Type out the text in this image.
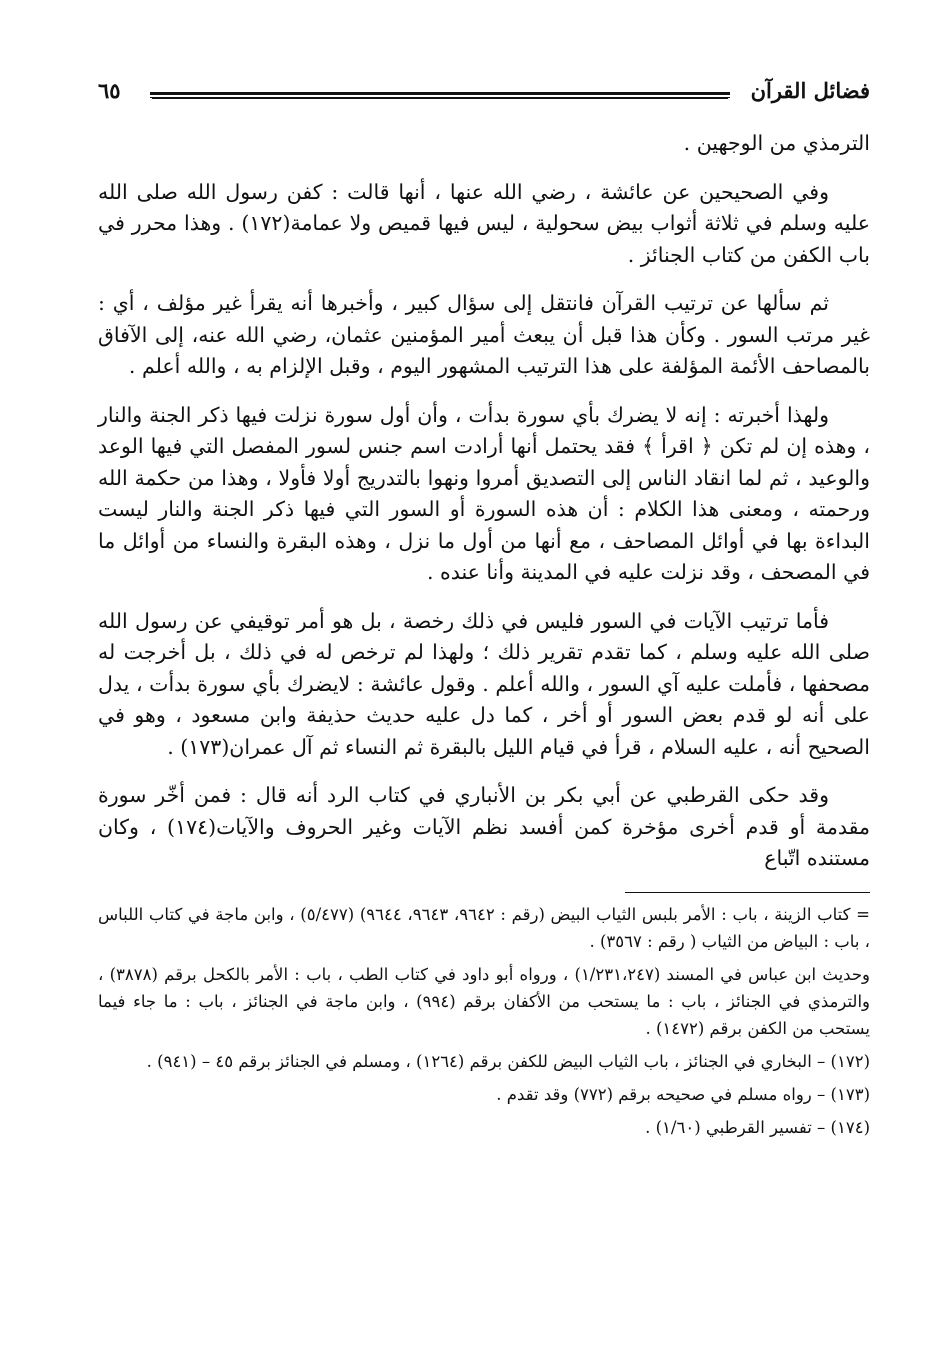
فضائل القرآن
٦٥

الترمذي من الوجهين .

وفي الصحيحين عن عائشة ، رضي الله عنها ، أنها قالت : كفن رسول الله صلى الله عليه وسلم في ثلاثة أثواب بيض سحولية ، ليس فيها قميص ولا عمامة(١٧٢) . وهذا محرر في باب الكفن من كتاب الجنائز .

ثم سألها عن ترتيب القرآن فانتقل إلى سؤال كبير ، وأخبرها أنه يقرأ غير مؤلف ، أي : غير مرتب السور . وكأن هذا قبل أن يبعث أمير المؤمنين عثمان، رضي الله عنه، إلى الآفاق بالمصاحف الأئمة المؤلفة على هذا الترتيب المشهور اليوم ، وقبل الإلزام به ، والله أعلم .

ولهذا أخبرته : إنه لا يضرك بأي سورة بدأت ، وأن أول سورة نزلت فيها ذكر الجنة والنار ، وهذه إن لم تكن ﴿ اقرأ ﴾ فقد يحتمل أنها أرادت اسم جنس لسور المفصل التي فيها الوعد والوعيد ، ثم لما انقاد الناس إلى التصديق أمروا ونهوا بالتدريج أولا فأولا ، وهذا من حكمة الله ورحمته ، ومعنى هذا الكلام : أن هذه السورة أو السور التي فيها ذكر الجنة والنار ليست البداءة بها في أوائل المصاحف ، مع أنها من أول ما نزل ، وهذه البقرة والنساء من أوائل ما في المصحف ، وقد نزلت عليه في المدينة وأنا عنده .

فأما ترتيب الآيات في السور فليس في ذلك رخصة ، بل هو أمر توقيفي عن رسول الله صلى الله عليه وسلم ، كما تقدم تقرير ذلك ؛ ولهذا لم ترخص له في ذلك ، بل أخرجت له مصحفها ، فأملت عليه آي السور ، والله أعلم . وقول عائشة : لايضرك بأي سورة بدأت ، يدل على أنه لو قدم بعض السور أو أخر ، كما دل عليه حديث حذيفة وابن مسعود ، وهو في الصحيح أنه ، عليه السلام ، قرأ في قيام الليل بالبقرة ثم النساء ثم آل عمران(١٧٣) .

وقد حكى القرطبي عن أبي بكر بن الأنباري في كتاب الرد أنه قال : فمن أخّر سورة مقدمة أو قدم أخرى مؤخرة كمن أفسد نظم الآيات وغير الحروف والآيات(١٧٤) ، وكان مستنده اتّباع

= كتاب الزينة ، باب : الأمر بلبس الثياب البيض (رقم : ٩٦٤٢، ٩٦٤٣، ٩٦٤٤) (٥/٤٧٧) ، وابن ماجة في كتاب اللباس ، باب : البياض من الثياب ( رقم : ٣٥٦٧) .

وحديث ابن عباس في المسند (١/٢٣١،٢٤٧) ، ورواه أبو داود في كتاب الطب ، باب : الأمر بالكحل برقم (٣٨٧٨) ، والترمذي في الجنائز ، باب : ما يستحب من الأكفان برقم (٩٩٤) ، وابن ماجة في الجنائز ، باب : ما جاء فيما يستحب من الكفن برقم (١٤٧٢) .

(١٧٢) – البخاري في الجنائز ، باب الثياب البيض للكفن برقم (١٢٦٤) ، ومسلم في الجنائز برقم ٤٥ – (٩٤١) .

(١٧٣) – رواه مسلم في صحيحه برقم (٧٧٢) وقد تقدم .

(١٧٤) – تفسير القرطبي (١/٦٠) .
